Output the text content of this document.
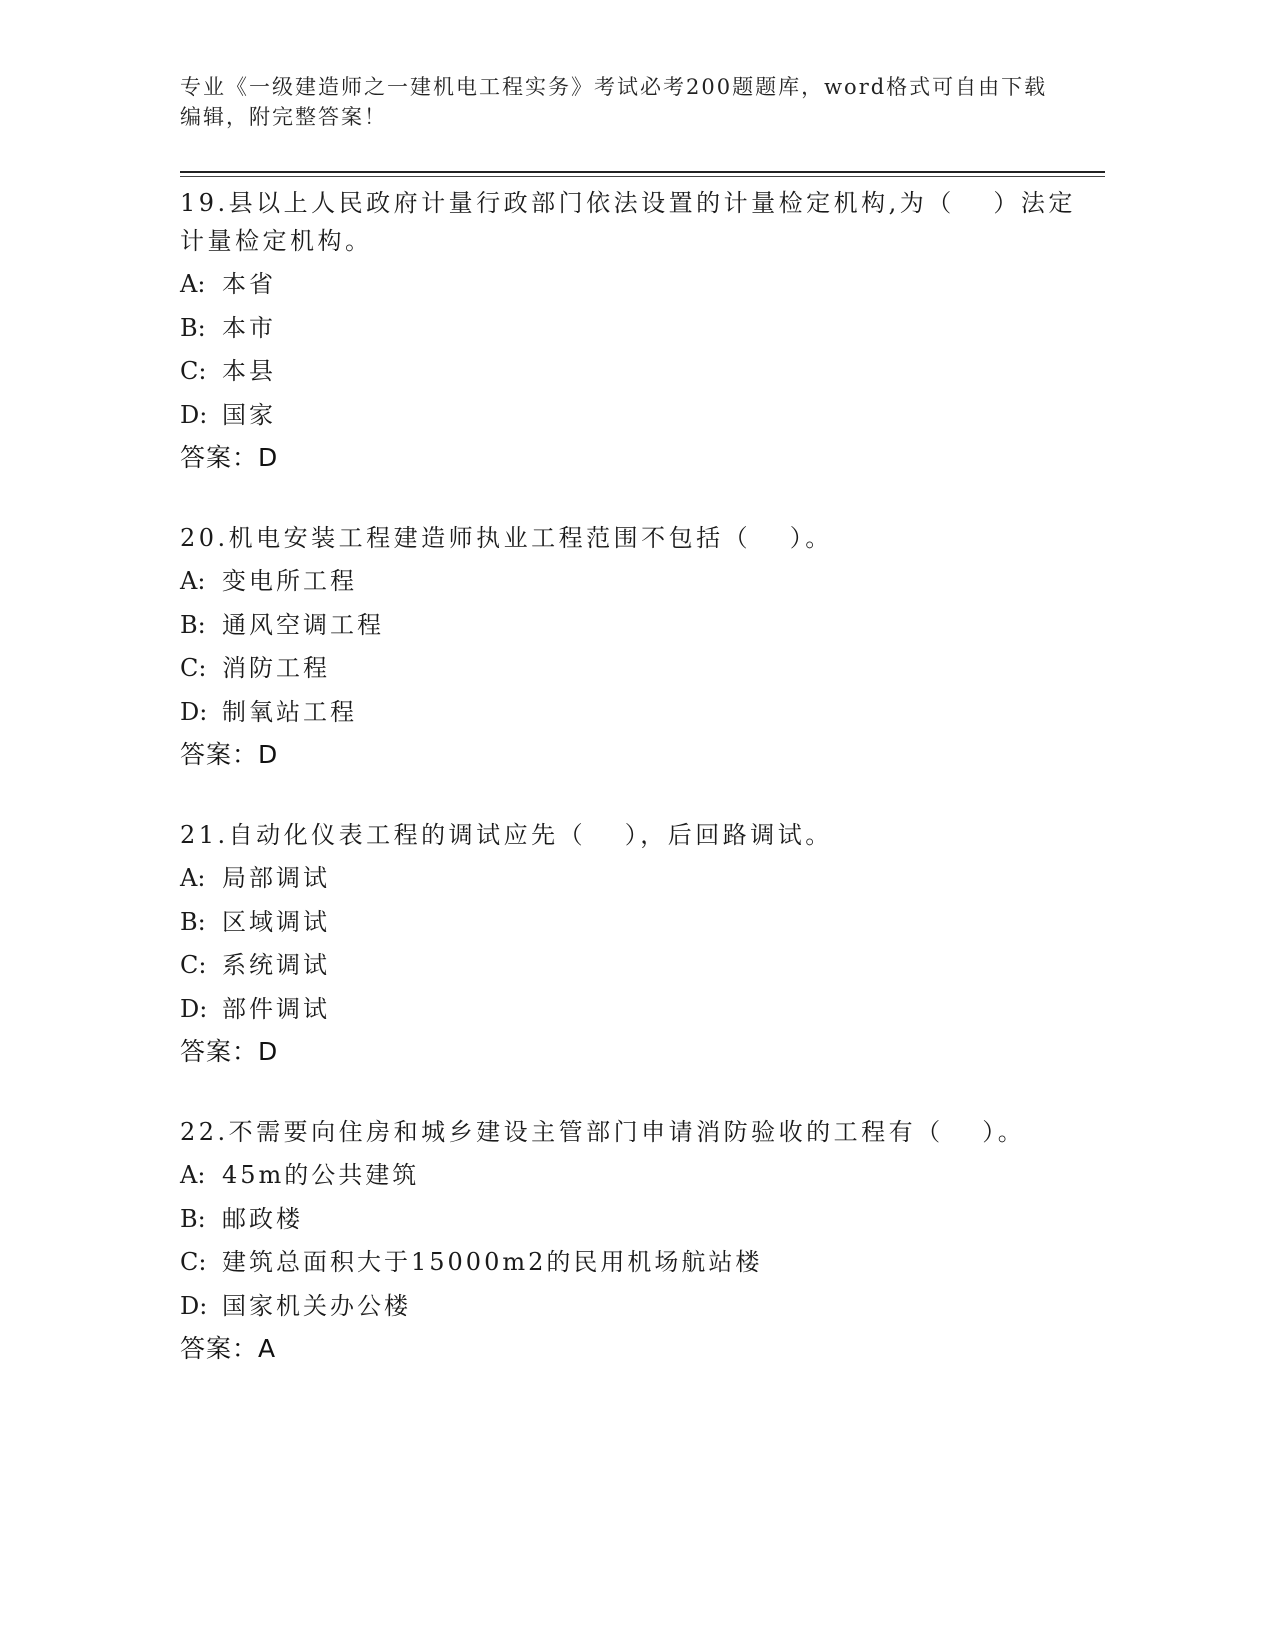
专业《一级建造师之一建机电工程实务》考试必考200题题库，word格式可自由下载编辑，附完整答案！
19.县以上人民政府计量行政部门依法设置的计量检定机构,为（　 ）法定计量检定机构。
A: 本省
B: 本市
C: 本县
D: 国家
答案：D
20.机电安装工程建造师执业工程范围不包括（　 ）。
A: 变电所工程
B: 通风空调工程
C: 消防工程
D: 制氧站工程
答案：D
21.自动化仪表工程的调试应先（　 ），后回路调试。
A: 局部调试
B: 区域调试
C: 系统调试
D: 部件调试
答案：D
22.不需要向住房和城乡建设主管部门申请消防验收的工程有（　 ）。
A: 45m的公共建筑
B: 邮政楼
C: 建筑总面积大于15000m2的民用机场航站楼
D: 国家机关办公楼
答案：A
